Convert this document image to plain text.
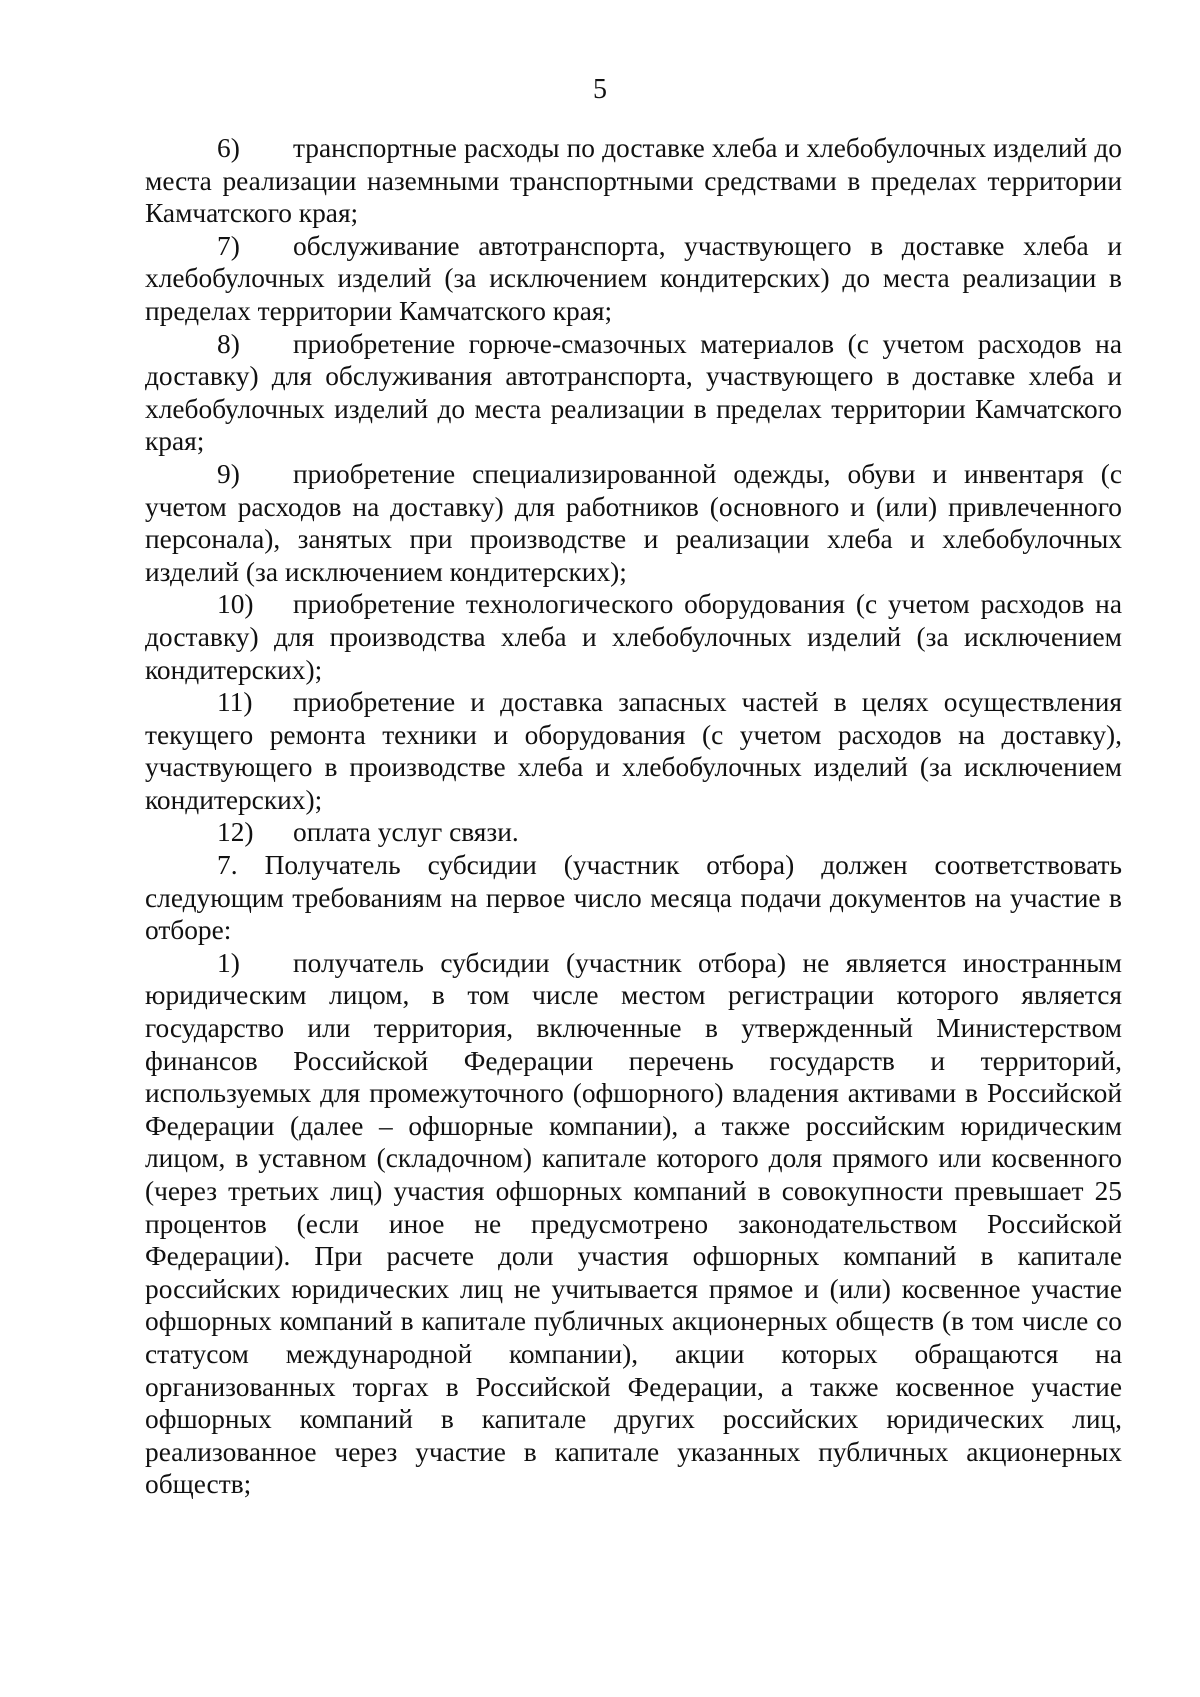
5

6) транспортные расходы по доставке хлеба и хлебобулочных изделий до места реализации наземными транспортными средствами в пределах территории Камчатского края;

7) обслуживание автотранспорта, участвующего в доставке хлеба и хлебобулочных изделий (за исключением кондитерских) до места реализации в пределах территории Камчатского края;

8) приобретение горюче-смазочных материалов (с учетом расходов на доставку) для обслуживания автотранспорта, участвующего в доставке хлеба и хлебобулочных изделий до места реализации в пределах территории Камчатского края;

9) приобретение специализированной одежды, обуви и инвентаря (с учетом расходов на доставку) для работников (основного и (или) привлеченного персонала), занятых при производстве и реализации хлеба и хлебобулочных изделий (за исключением кондитерских);

10) приобретение технологического оборудования (с учетом расходов на доставку) для производства хлеба и хлебобулочных изделий (за исключением кондитерских);

11) приобретение и доставка запасных частей в целях осуществления текущего ремонта техники и оборудования (с учетом расходов на доставку), участвующего в производстве хлеба и хлебобулочных изделий (за исключением кондитерских);

12) оплата услуг связи.

7. Получатель субсидии (участник отбора) должен соответствовать следующим требованиям на первое число месяца подачи документов на участие в отборе:

1) получатель субсидии (участник отбора) не является иностранным юридическим лицом, в том числе местом регистрации которого является государство или территория, включенные в утвержденный Министерством финансов Российской Федерации перечень государств и территорий, используемых для промежуточного (офшорного) владения активами в Российской Федерации (далее – офшорные компании), а также российским юридическим лицом, в уставном (складочном) капитале которого доля прямого или косвенного (через третьих лиц) участия офшорных компаний в совокупности превышает 25 процентов (если иное не предусмотрено законодательством Российской Федерации). При расчете доли участия офшорных компаний в капитале российских юридических лиц не учитывается прямое и (или) косвенное участие офшорных компаний в капитале публичных акционерных обществ (в том числе со статусом международной компании), акции которых обращаются на организованных торгах в Российской Федерации, а также косвенное участие офшорных компаний в капитале других российских юридических лиц, реализованное через участие в капитале указанных публичных акционерных обществ;
